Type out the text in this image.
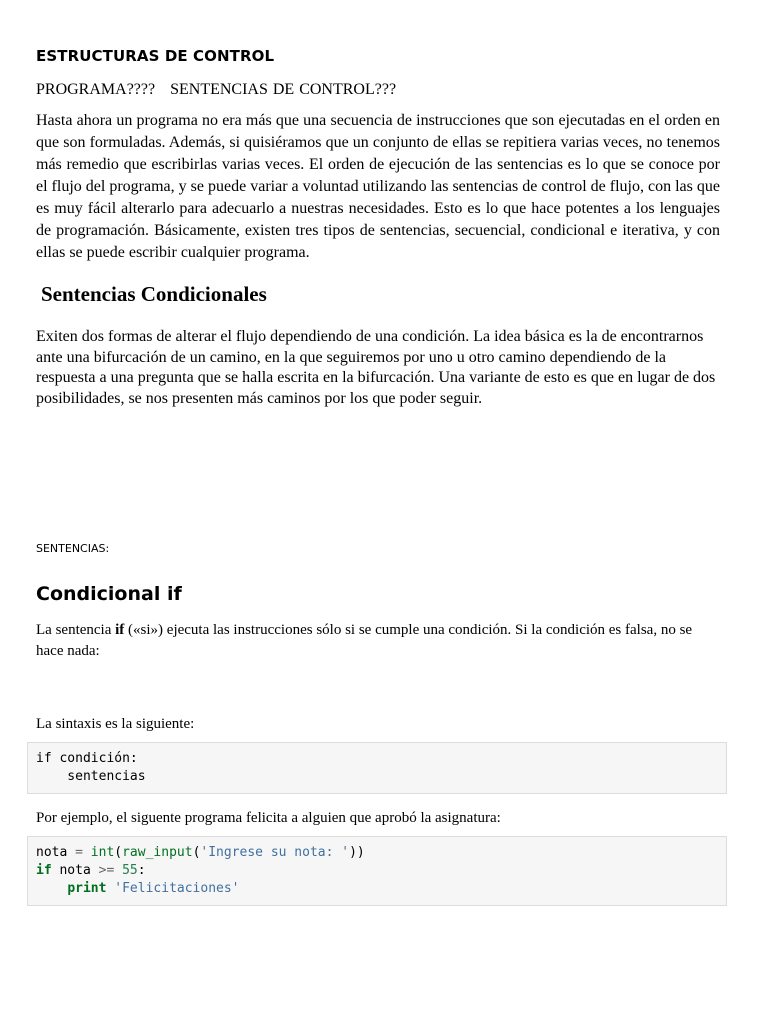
ESTRUCTURAS DE CONTROL
PROGRAMA????   SENTENCIAS DE CONTROL???

Hasta ahora un programa no era más que una secuencia de instrucciones que son ejecutadas en el orden en que son formuladas. Además, si quisiéramos que un conjunto de ellas se repitiera varias veces, no tenemos más remedio que escribirlas varias veces. El orden de ejecución de las sentencias es lo que se conoce por el flujo del programa, y se puede variar a voluntad utilizando las sentencias de control de flujo, con las que es muy fácil alterarlo para adecuarlo a nuestras necesidades. Esto es lo que hace potentes a los lenguajes de programación. Básicamente, existen tres tipos de sentencias, secuencial, condicional e iterativa, y con ellas se puede escribir cualquier programa.

Sentencias Condicionales

Exiten dos formas de alterar el flujo dependiendo de una condición. La idea básica es la de encontrarnos ante una bifurcación de un camino, en la que seguiremos por uno u otro camino dependiendo de la respuesta a una pregunta que se halla escrita en la bifurcación. Una variante de esto es que en lugar de dos posibilidades, se nos presenten más caminos por los que poder seguir.

SENTENCIAS:
Condicional if

La sentencia if («si») ejecuta las instrucciones sólo si se cumple una condición. Si la condición es falsa, no se hace nada:

La sintaxis es la siguiente:

if condición:
sentencias

Por ejemplo, el siguente programa felicita a alguien que aprobó la asignatura:

nota = int(raw_input('Ingrese su nota: '))
if nota >= 55:
print 'Felicitaciones'
